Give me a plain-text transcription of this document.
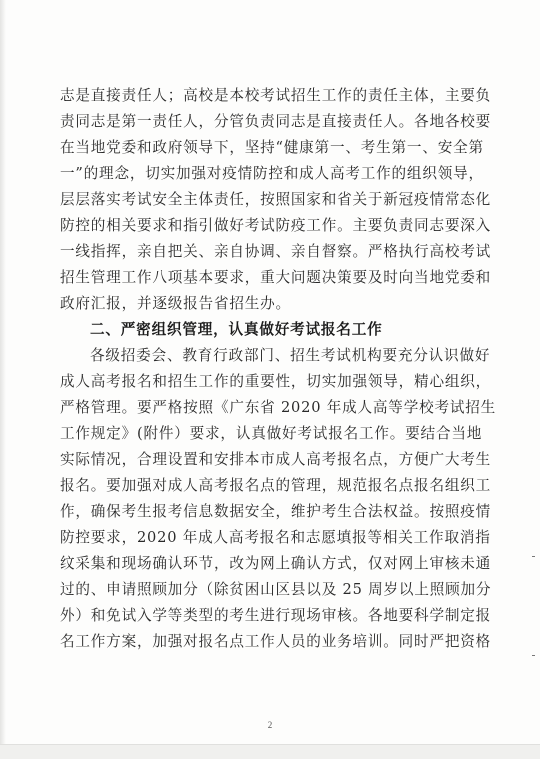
志是直接责任人；高校是本校考试招生工作的责任主体，主要负
责同志是第一责任人，分管负责同志是直接责任人。各地各校要
在当地党委和政府领导下，坚持“健康第一、考生第一、安全第
一”的理念，切实加强对疫情防控和成人高考工作的组织领导，
层层落实考试安全主体责任，按照国家和省关于新冠疫情常态化
防控的相关要求和指引做好考试防疫工作。主要负责同志要深入
一线指挥，亲自把关、亲自协调、亲自督察。严格执行高校考试
招生管理工作八项基本要求，重大问题决策要及时向当地党委和
政府汇报，并逐级报告省招生办。
二、严密组织管理，认真做好考试报名工作
各级招委会、教育行政部门、招生考试机构要充分认识做好
成人高考报名和招生工作的重要性，切实加强领导，精心组织，
严格管理。要严格按照《广东省 2020 年成人高等学校考试招生
工作规定》(附件）要求，认真做好考试报名工作。要结合当地
实际情况，合理设置和安排本市成人高考报名点，方便广大考生
报名。要加强对成人高考报名点的管理，规范报名点报名组织工
作，确保考生报考信息数据安全，维护考生合法权益。按照疫情
防控要求，2020 年成人高考报名和志愿填报等相关工作取消指
纹采集和现场确认环节，改为网上确认方式，仅对网上审核未通
过的、申请照顾加分（除贫困山区县以及 25 周岁以上照顾加分
外）和免试入学等类型的考生进行现场审核。各地要科学制定报
名工作方案，加强对报名点工作人员的业务培训。同时严把资格
2
